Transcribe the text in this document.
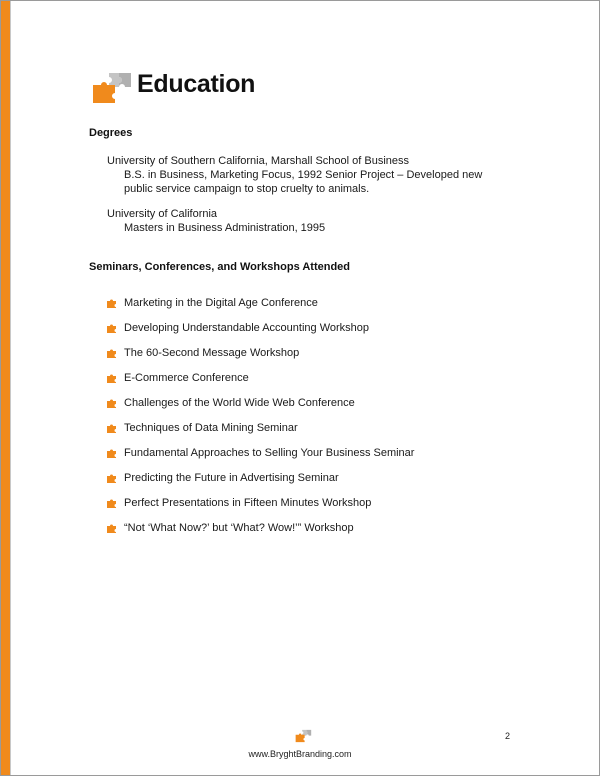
Education
Degrees
University of Southern California, Marshall School of Business
B.S. in Business, Marketing Focus, 1992 Senior Project – Developed new public service campaign to stop cruelty to animals.
University of California
Masters in Business Administration, 1995
Seminars, Conferences, and Workshops Attended
Marketing in the Digital Age Conference
Developing Understandable Accounting Workshop
The 60-Second Message Workshop
E-Commerce Conference
Challenges of the World Wide Web Conference
Techniques of Data Mining Seminar
Fundamental Approaches to Selling Your Business Seminar
Predicting the Future in Advertising Seminar
Perfect Presentations in Fifteen Minutes Workshop
“Not ‘What Now?’ but ‘What? Wow!’” Workshop
2
www.BryghtBranding.com
